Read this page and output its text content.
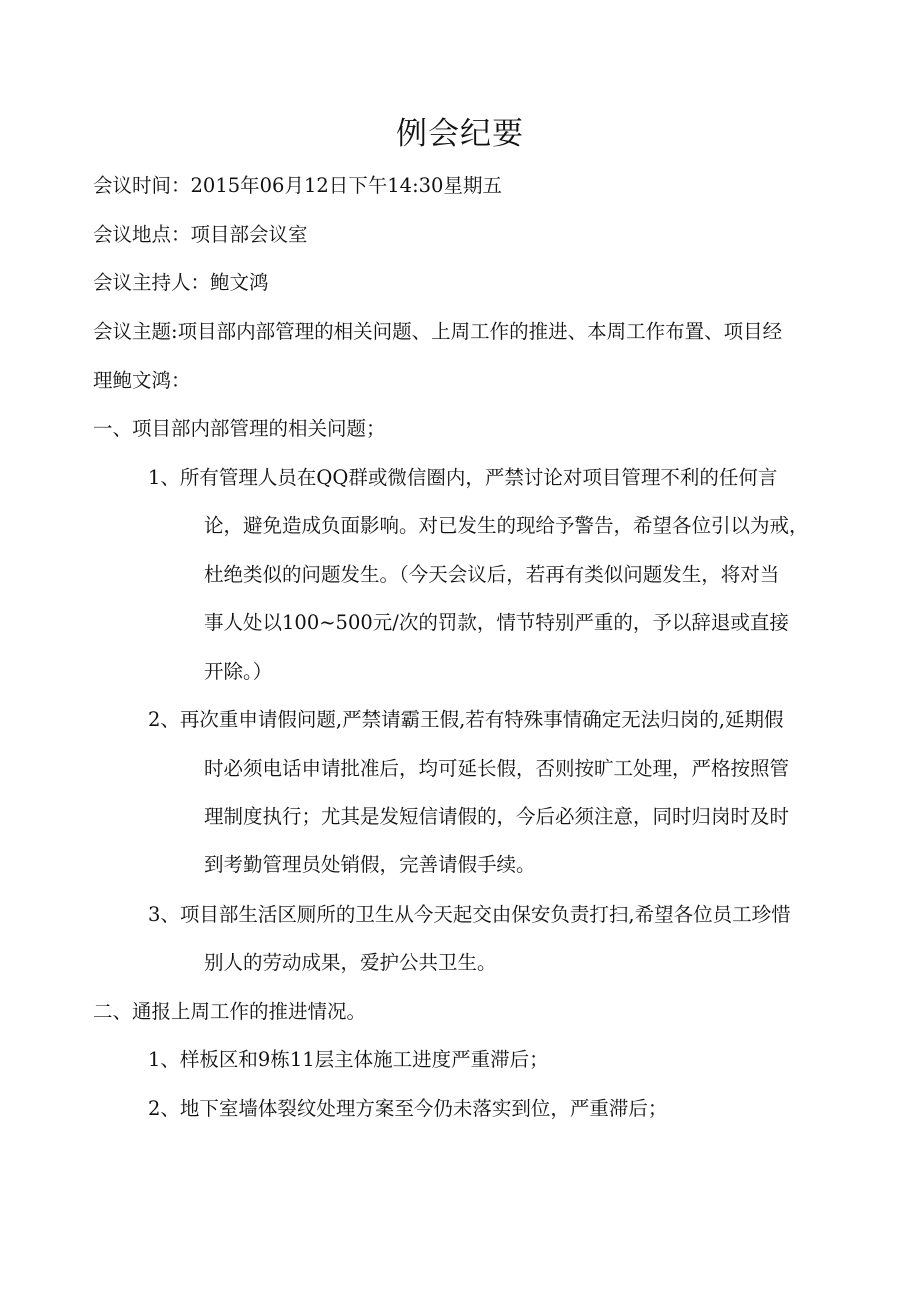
例会纪要

会议时间：2015年06月12日下午14:30星期五

会议地点：项目部会议室

会议主持人：鲍文鸿

会议主题:项目部内部管理的相关问题、上周工作的推进、本周工作布置、项目经

理鲍文鸿：

一、项目部内部管理的相关问题；

1、所有管理人员在QQ群或微信圈内，严禁讨论对项目管理不利的任何言

论，避免造成负面影响。对已发生的现给予警告，希望各位引以为戒，

杜绝类似的问题发生。（今天会议后，若再有类似问题发生，将对当

事人处以100~500元/次的罚款，情节特别严重的，予以辞退或直接

开除。）

2、再次重申请假问题,严禁请霸王假,若有特殊事情确定无法归岗的,延期假

时必须电话申请批准后，均可延长假，否则按旷工处理，严格按照管

理制度执行；尤其是发短信请假的，今后必须注意，同时归岗时及时

到考勤管理员处销假，完善请假手续。

3、项目部生活区厕所的卫生从今天起交由保安负责打扫,希望各位员工珍惜

别人的劳动成果，爱护公共卫生。

二、通报上周工作的推进情况。

1、样板区和9栋11层主体施工进度严重滞后；

2、地下室墙体裂纹处理方案至今仍未落实到位，严重滞后；
